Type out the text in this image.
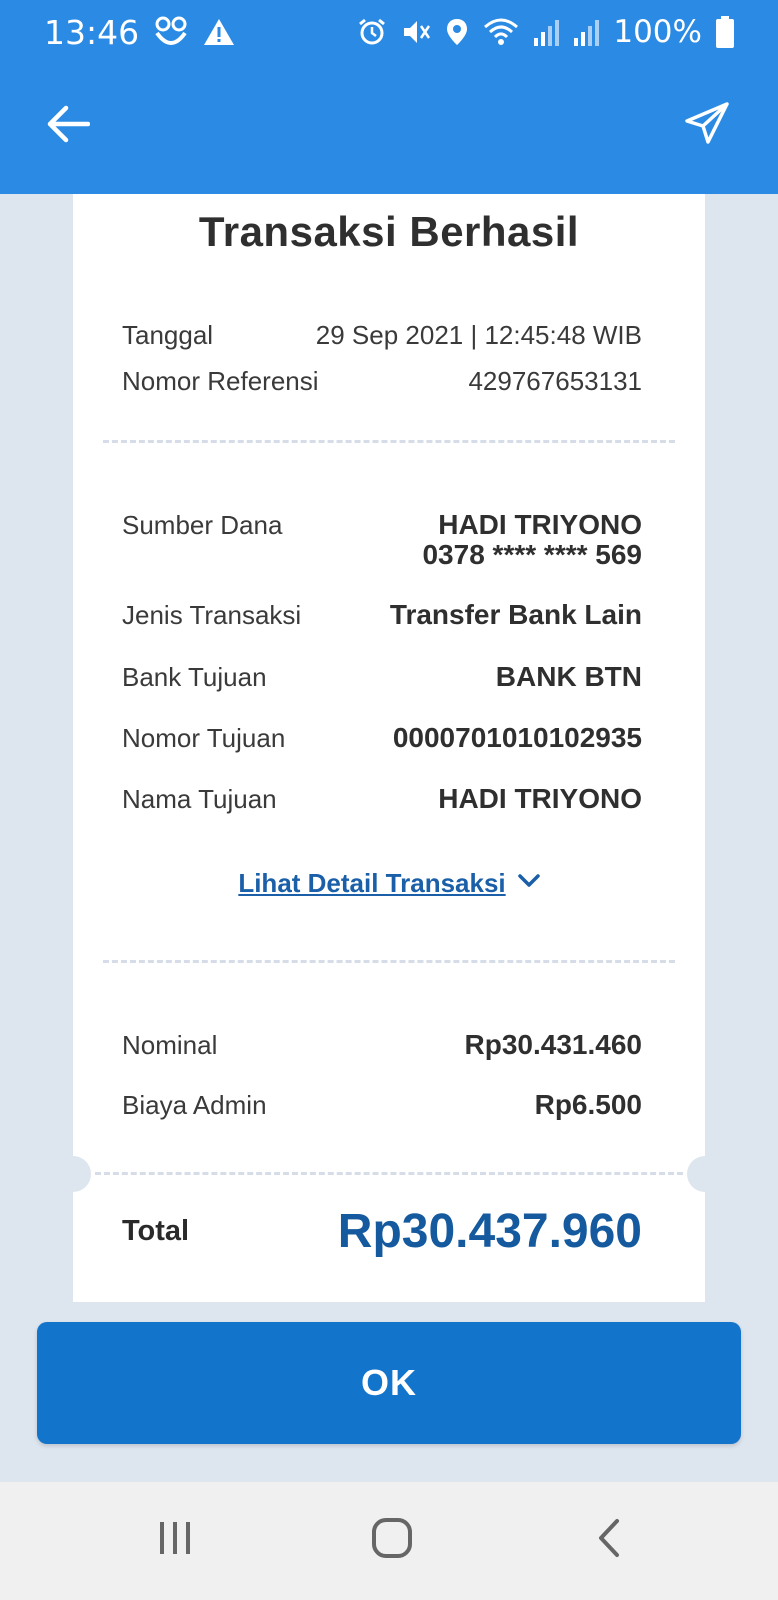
13:46	100%
Transaksi Berhasil
Tanggal	29 Sep 2021 | 12:45:48 WIB
Nomor Referensi	429767653131
Sumber Dana	HADI TRIYONO
0378 **** **** 569
Jenis Transaksi	Transfer Bank Lain
Bank Tujuan	BANK BTN
Nomor Tujuan	0000701010102935
Nama Tujuan	HADI TRIYONO
Lihat Detail Transaksi
Nominal	Rp30.431.460
Biaya Admin	Rp6.500
Total	Rp30.437.960
OK
